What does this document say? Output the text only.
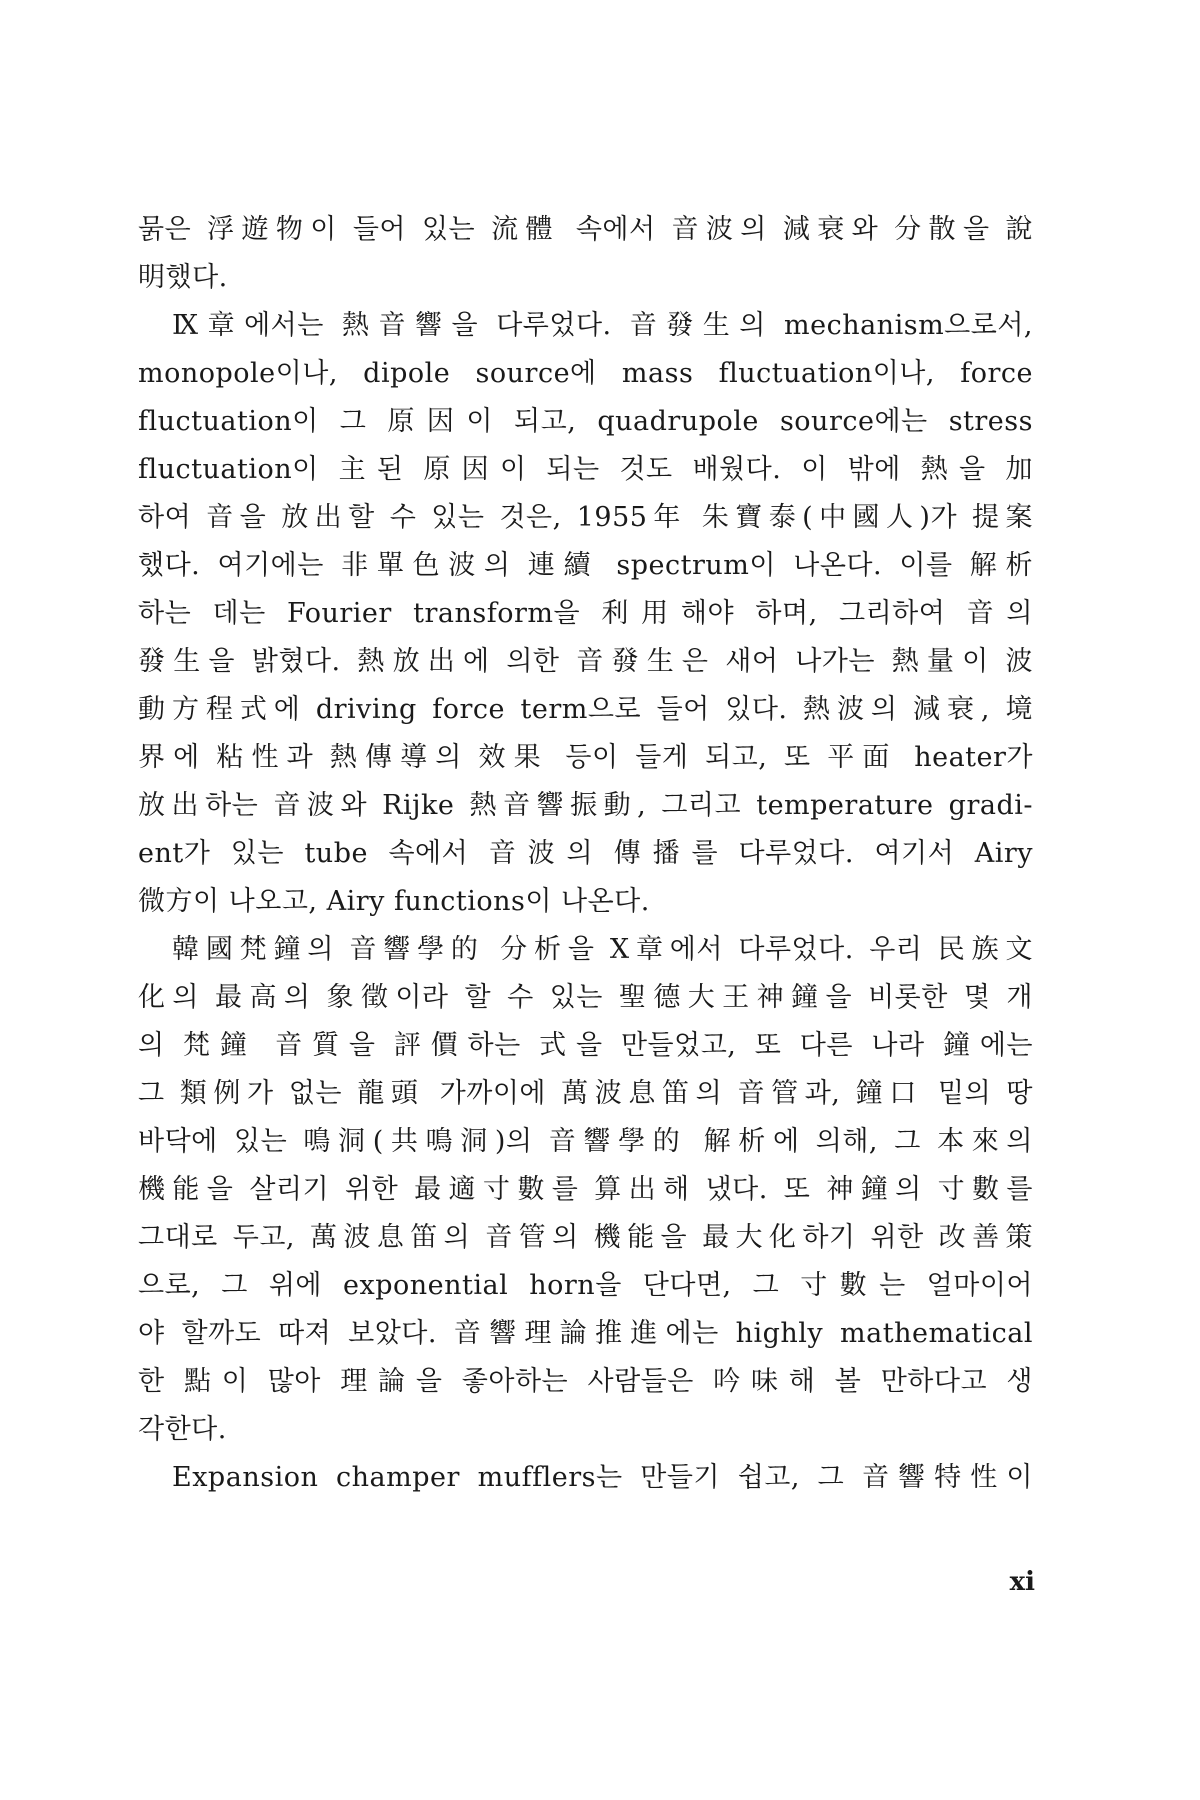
묽은 浮遊物이 들어 있는 流體 속에서 音波의 減衰와 分散을 說
明했다.
Ⅸ章에서는 熱音響을 다루었다. 音發生의 mechanism으로서,
monopole이나, dipole source에 mass fluctuation이나, force
fluctuation이 그 原因이 되고, quadrupole source에는 stress
fluctuation이 主된 原因이 되는 것도 배웠다. 이 밖에 熱을 加
하여 音을 放出할 수 있는 것은, 1955年 朱寶泰(中國人)가 提案
했다. 여기에는 非單色波의 連續 spectrum이 나온다. 이를 解析
하는 데는 Fourier transform을 利用해야 하며, 그리하여 音의
發生을 밝혔다. 熱放出에 의한 音發生은 새어 나가는 熱量이 波
動方程式에 driving force term으로 들어 있다. 熱波의 減衰, 境
界에 粘性과 熱傳導의 效果 등이 들게 되고, 또 平面 heater가
放出하는 音波와 Rijke 熱音響振動, 그리고 temperature gradi-
ent가 있는 tube 속에서 音波의 傳播를 다루었다. 여기서 Airy
微方이 나오고, Airy functions이 나온다.
韓國梵鐘의 音響學的 分析을 Ⅹ章에서 다루었다. 우리 民族文
化의 最高의 象徵이라 할 수 있는 聖德大王神鐘을 비롯한 몇 개
의 梵鐘 音質을 評價하는 式을 만들었고, 또 다른 나라 鐘에는
그 類例가 없는 龍頭 가까이에 萬波息笛의 音管과, 鐘口 밑의 땅
바닥에 있는 鳴洞(共鳴洞)의 音響學的 解析에 의해, 그 本來의
機能을 살리기 위한 最適寸數를 算出해 냈다. 또 神鐘의 寸數를
그대로 두고, 萬波息笛의 音管의 機能을 最大化하기 위한 改善策
으로, 그 위에 exponential horn을 단다면, 그 寸數는 얼마이어
야 할까도 따져 보았다. 音響理論推進에는 highly mathematical
한 點이 많아 理論을 좋아하는 사람들은 吟味해 볼 만하다고 생
각한다.
Expansion champer mufflers는 만들기 쉽고, 그 音響特性이
xi
